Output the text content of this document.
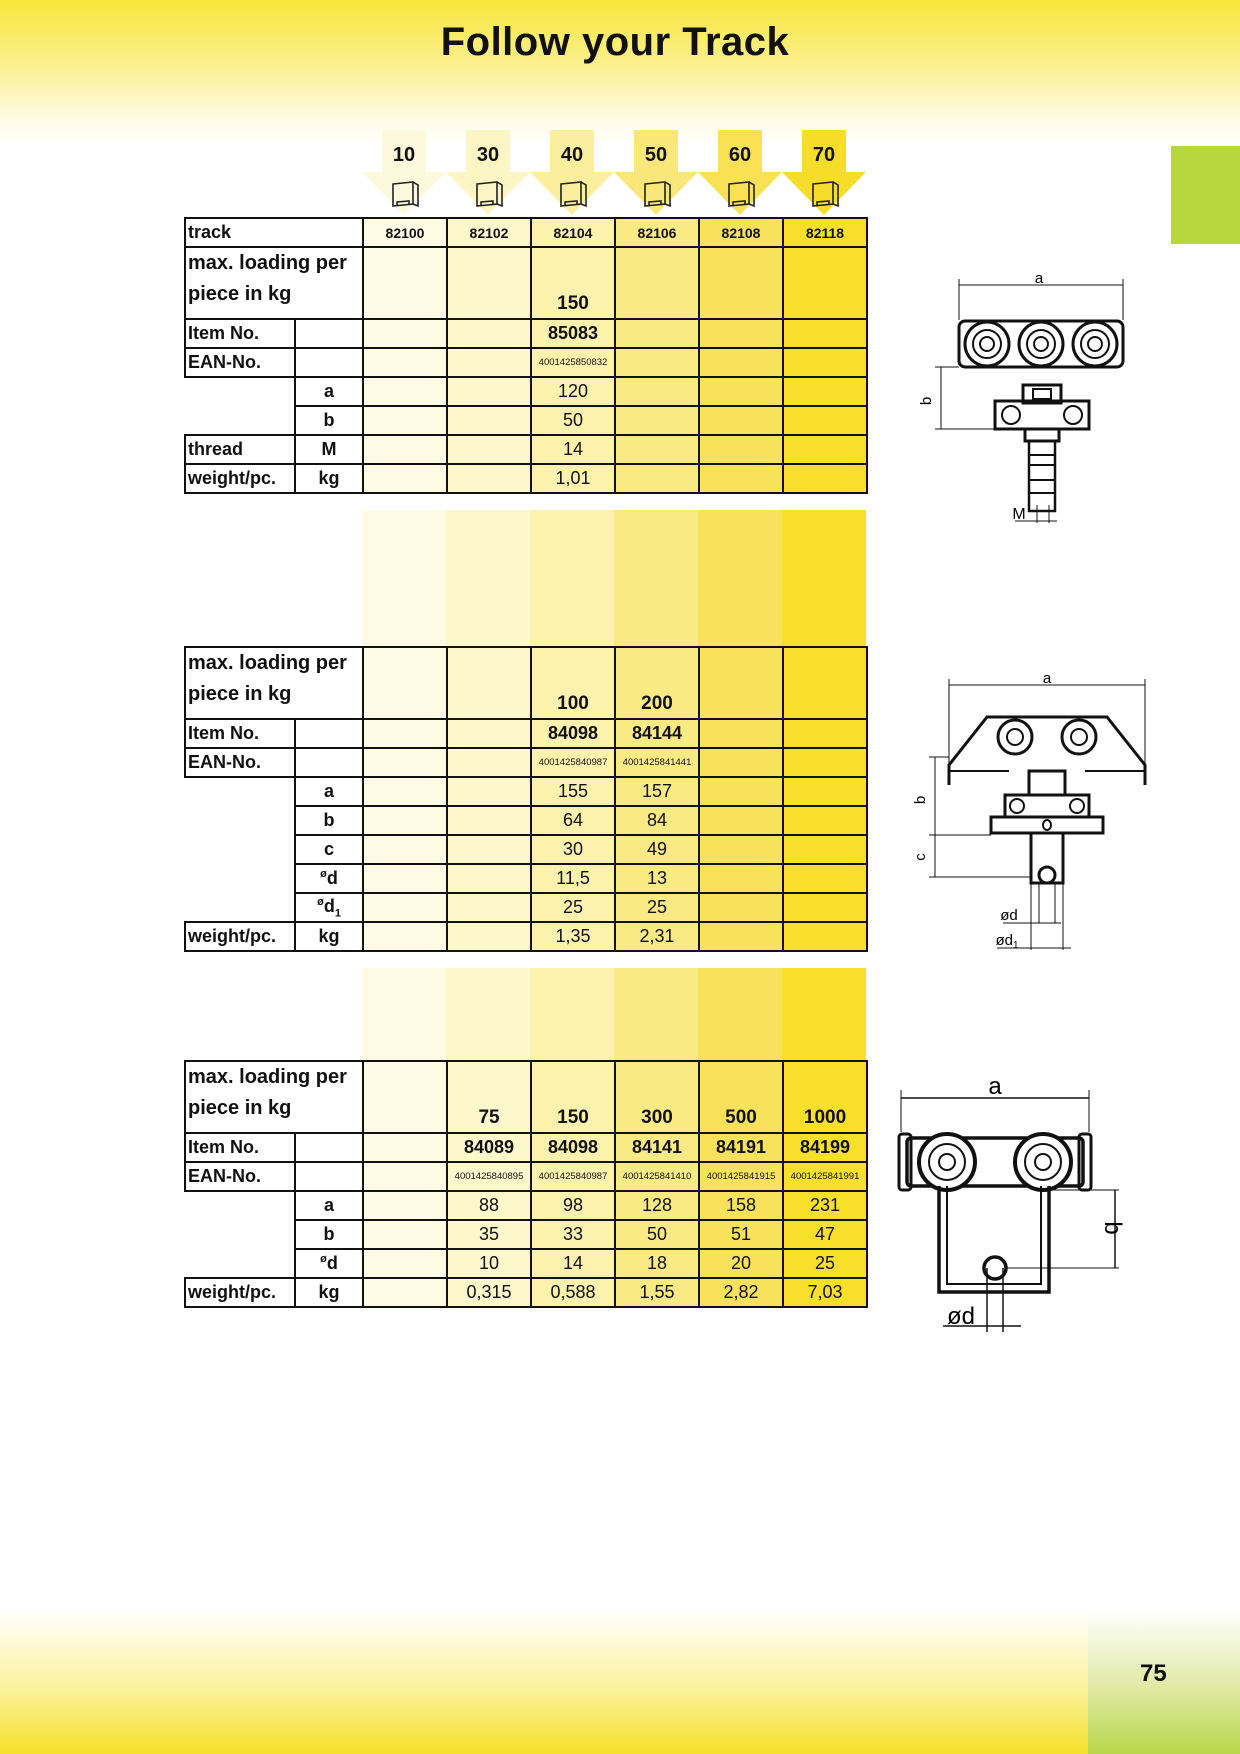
Follow your Track
10	30	40	50	60	70
track		82100	82102	82104	82106	82108	82118
max. loading per piece in kg				150			
Item No.				85083			
EAN-No.				4001425850832			
	a			120			
	b			50			
thread	M			14			
weight/pc.	kg			1,01			
max. loading per piece in kg				100	200		
Item No.				84098	84144		
EAN-No.				4001425840987	4001425841441		
	a			155	157		
	b			64	84		
	c			30	49		
	$^ø$d			11,5	13		
	$^ød_1$			25	25		
weight/pc.	kg			1,35	2,31		
max. loading per piece in kg			75	150	300	500	1000
Item No.			84089	84098	84141	84191	84199
EAN-No.			4001425840895	4001425840987	4001425841410	4001425841915	4001425841991
	a		88	98	128	158	231
	b		35	33	50	51	47
	$^ø$d		10	14	18	20	25
weight/pc.	kg		0,315	0,588	1,55	2,82	7,03
a
b
M
a
b
c
ød
$ød_1$
a
b
ød
75
